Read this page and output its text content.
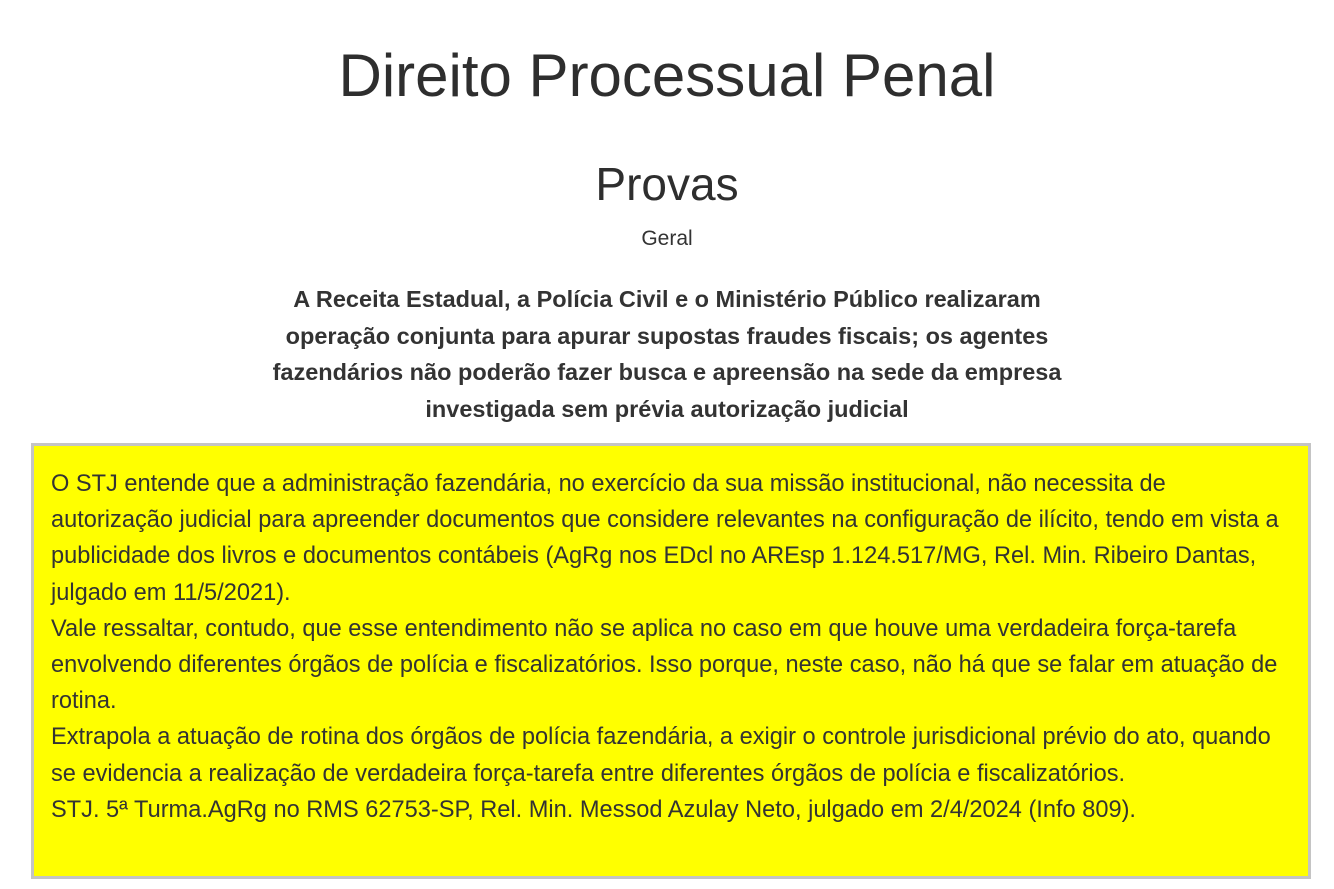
Direito Processual Penal
Provas
Geral

A Receita Estadual, a Polícia Civil e o Ministério Público realizaram operação conjunta para apurar supostas fraudes fiscais; os agentes fazendários não poderão fazer busca e apreensão na sede da empresa investigada sem prévia autorização judicial

O STJ entende que a administração fazendária, no exercício da sua missão institucional, não necessita de autorização judicial para apreender documentos que considere relevantes na configuração de ilícito, tendo em vista a publicidade dos livros e documentos contábeis (AgRg nos EDcl no AREsp 1.124.517/MG, Rel. Min. Ribeiro Dantas, julgado em 11/5/2021).

Vale ressaltar, contudo, que esse entendimento não se aplica no caso em que houve uma verdadeira força-tarefa envolvendo diferentes órgãos de polícia e fiscalizatórios. Isso porque, neste caso, não há que se falar em atuação de rotina.

Extrapola a atuação de rotina dos órgãos de polícia fazendária, a exigir o controle jurisdicional prévio do ato, quando se evidencia a realização de verdadeira força-tarefa entre diferentes órgãos de polícia e fiscalizatórios.

STJ. 5ª Turma.AgRg no RMS 62753-SP, Rel. Min. Messod Azulay Neto, julgado em 2/4/2024 (Info 809).
